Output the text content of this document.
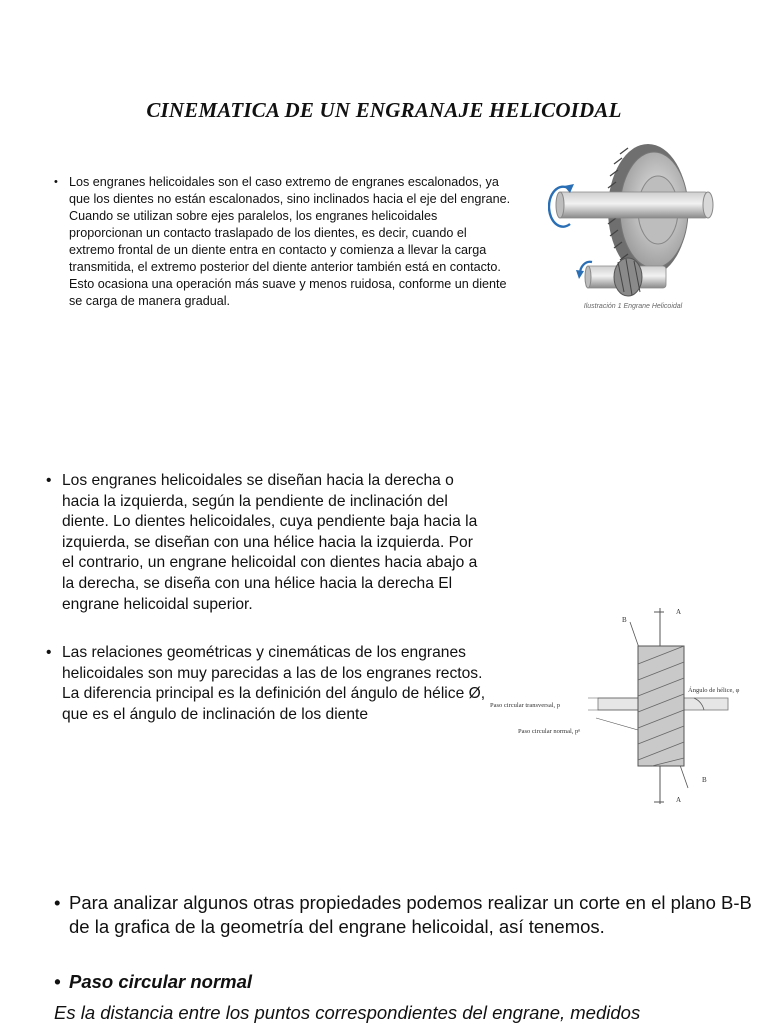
CINEMATICA DE UN ENGRANAJE HELICOIDAL
• Los engranes helicoidales son el caso extremo de engranes escalonados, ya que los dientes no están escalonados, sino inclinados hacia el eje del engrane. Cuando se utilizan sobre ejes paralelos, los engranes helicoidales proporcionan un contacto traslapado de los dientes, es decir, cuando el extremo frontal de un diente entra en contacto y comienza a llevar la carga transmitida, el extremo posterior del diente anterior también está en contacto. Esto ocasiona una operación más suave y menos ruidosa, conforme un diente se carga de manera gradual.	Ilustración 1 Engrane Helicoidal
• Los engranes helicoidales se diseñan hacia la derecha o hacia la izquierda, según la pendiente de inclinación del diente. Lo dientes helicoidales, cuya pendiente baja hacia la izquierda, se diseñan con una hélice hacia la izquierda. Por el contrario, un engrane helicoidal con dientes hacia abajo a la derecha, se diseña con una hélice hacia la derecha El engrane helicoidal superior.
• Las relaciones geométricas y cinemáticas de los engranes helicoidales son muy parecidas a las de los engranes rectos. La diferencia principal es la definición del ángulo de hélice Ø, que es el ángulo de inclinación de los diente
A
A
B
B
Paso circular transversal, p
Paso circular normal, pⁿ
Ángulo de hélice, φ
• Para analizar algunos otras propiedades podemos realizar un corte en el plano B-B de la grafica de la geometría del engrane helicoidal, así tenemos.
• Paso circular normal
Es la distancia entre los puntos correspondientes del engrane, medidos
